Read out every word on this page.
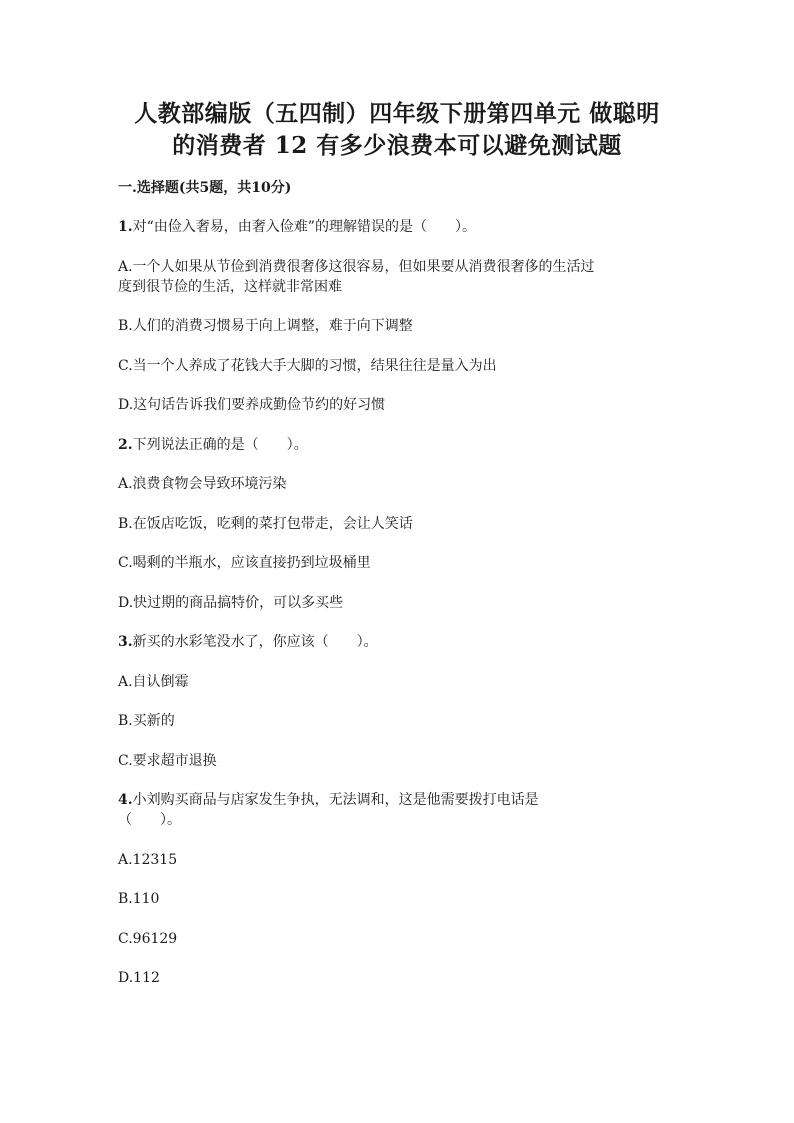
人教部编版（五四制）四年级下册第四单元 做聪明
的消费者 12 有多少浪费本可以避免测试题
一.选择题(共5题，共10分)
1.对“由俭入奢易，由奢入俭难”的理解错误的是（　　）。
A.一个人如果从节俭到消费很奢侈这很容易，但如果要从消费很奢侈的生活过
度到很节俭的生活，这样就非常困难
B.人们的消费习惯易于向上调整，难于向下调整
C.当一个人养成了花钱大手大脚的习惯，结果往往是量入为出
D.这句话告诉我们要养成勤俭节约的好习惯
2.下列说法正确的是（　　）。
A.浪费食物会导致环境污染
B.在饭店吃饭，吃剩的菜打包带走，会让人笑话
C.喝剩的半瓶水，应该直接扔到垃圾桶里
D.快过期的商品搞特价，可以多买些
3.新买的水彩笔没水了，你应该（　　）。
A.自认倒霉
B.买新的
C.要求超市退换
4.小刘购买商品与店家发生争执，无法调和，这是他需要拨打电话是
（　　）。
A.12315
B.110
C.96129
D.112
